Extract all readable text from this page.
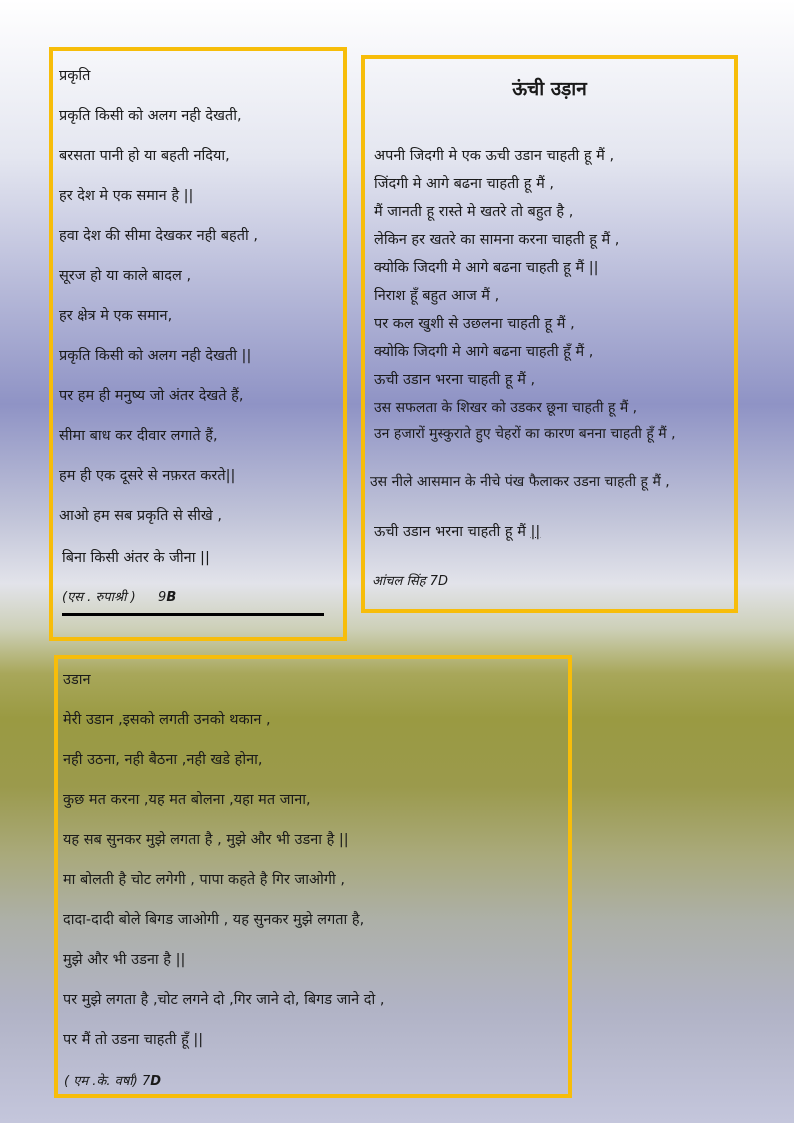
प्रकृति
प्रकृति किसी को अलग नही देखती,
बरसता पानी हो या बहती नदिया,
हर देश मे एक समान है ||
हवा देश की सीमा देखकर नही बहती ,
सूरज हो या काले बादल ,
हर क्षेत्र मे एक समान,
प्रकृति किसी को अलग नही देखती ||
पर हम ही मनुष्य जो अंतर देखते हैं,
सीमा बाध कर दीवार लगाते हैं,
हम ही एक दूसरे से नफ़रत करते||
आओ हम सब प्रकृति से सीखे ,
बिना किसी अंतर के जीना ||
(एस . रुपाश्री ) 9B
ऊंची उड़ान
अपनी जिदगी मे एक ऊची उडान चाहती हू मैं ,
जिंदगी मे आगे बढना चाहती हू मैं ,
मैं जानती हू रास्ते मे खतरे तो बहुत है ,
लेकिन हर खतरे का सामना करना चाहती हू मैं ,
क्योकि जिदगी मे आगे बढना चाहती हू मैं ||
निराश हूँ बहुत आज मैं ,
पर कल खुशी से उछलना चाहती हू मैं ,
क्योकि जिदगी मे आगे बढना चाहती हूँ मैं ,
ऊची उडान भरना चाहती हू मैं ,
उस सफलता के शिखर को उडकर छूना चाहती हू मैं ,
उन हजारों मुस्कुराते हुए चेहरों का कारण बनना चाहती हूँ मैं ,
उस नीले आसमान के नीचे पंख फैलाकर उडना चाहती हू मैं ,
ऊची उडान भरना चाहती हू मैं ||
आंचल सिंह 7D
उडान
मेरी उडान ,इसको लगती उनको थकान ,
नही उठना, नही बैठना ,नही खडे होना,
कुछ मत करना ,यह मत बोलना ,यहा मत जाना,
यह सब सुनकर मुझे लगता है , मुझे और भी उडना है ||
मा बोलती है चोट लगेगी , पापा कहते है गिर जाओगी ,
दादा-दादी बोले बिगड जाओगी , यह सुनकर मुझे लगता है,
मुझे और भी उडना है ||
पर मुझे लगता है ,चोट लगने दो ,गिर जाने दो, बिगड जाने दो ,
पर मैं तो उडना चाहती हूँ ||
( एम .के. वर्षा) 7D
